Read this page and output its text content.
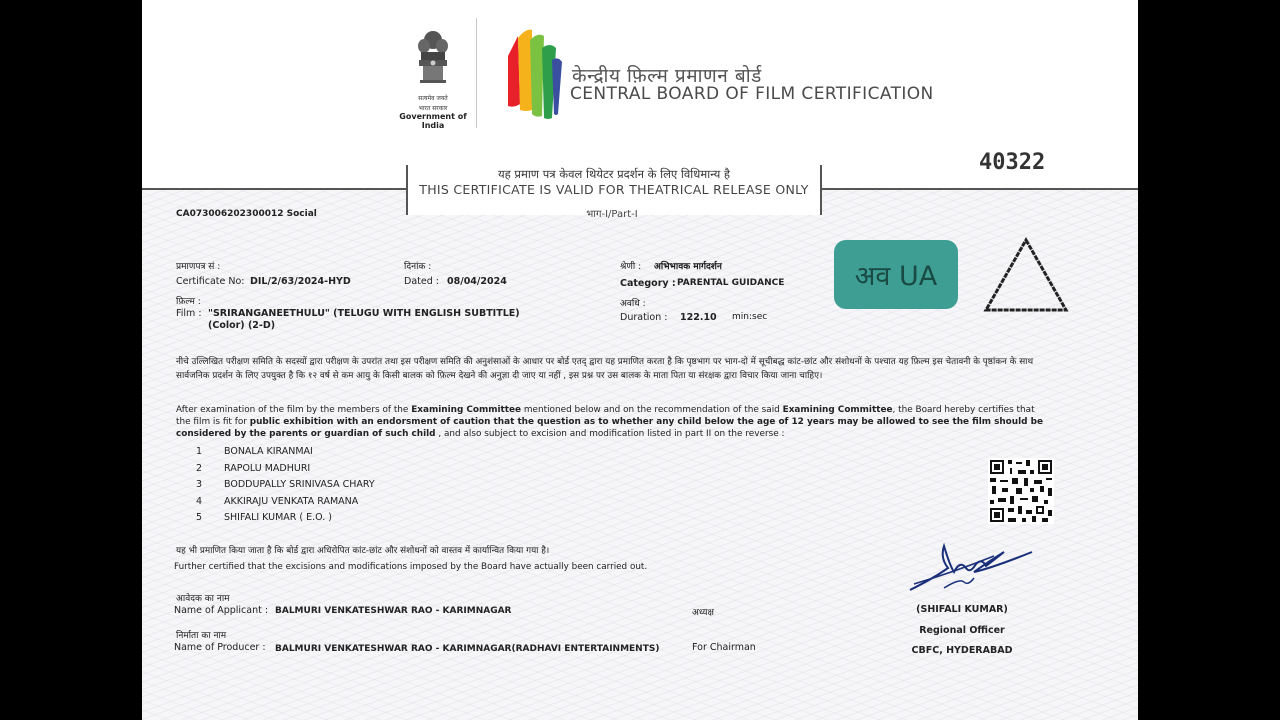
सत्यमेव जयते
भारत सरकार
Government of India
केन्द्रीय फ़िल्म प्रमाणन बोर्ड
CENTRAL BOARD OF FILM CERTIFICATION
40322
यह प्रमाण पत्र केवल थियेटर प्रदर्शन के लिए विधिमान्य है
THIS CERTIFICATE IS VALID FOR THEATRICAL RELEASE ONLY
भाग-I/Part-I
CA073006202300012 Social
प्रमाणपत्र सं :
Certificate No: DIL/2/63/2024-HYD
दिनांक :
Dated : 08/04/2024
फ़िल्म :
Film : "SRIRANGANEETHULU" (TELUGU WITH ENGLISH SUBTITLE)
(Color) (2-D)
श्रेणी : अभिभावक मार्गदर्शन
Category : PARENTAL GUIDANCE
अवधि :
Duration : 122.10 min:sec
अव UA
नीचे उल्लिखित परीक्षण समिति के सदस्यों द्वारा परीक्षण के उपरांत तथा इस परीक्षण समिति की अनुशंसाओं के आधार पर बोर्ड एतद् द्वारा यह प्रमाणित करता है कि पृष्ठभाग पर भाग-दो में सूचीबद्ध कांट-छांट और संशोधनों के पश्चात यह फ़िल्म इस चेतावनी के पृष्ठांकन के साथ सार्वजनिक प्रदर्शन के लिए उपयुक्त है कि १२ वर्ष से कम आयु के किसी बालक को फ़िल्म देखने की अनुज्ञा दी जाए या नहीं , इस प्रश्न पर उस बालक के माता पिता या संरक्षक द्वारा विचार किया जाना चाहिए।
After examination of the film by the members of the Examining Committee mentioned below and on the recommendation of the said Examining Committee, the Board hereby certifies that the film is fit for public exhibition with an endorsment of caution that the question as to whether any child below the age of 12 years may be allowed to see the film should be considered by the parents or guardian of such child , and also subject to excision and modification listed in part II on the reverse :
1 BONALA KIRANMAI
2 RAPOLU MADHURI
3 BODDUPALLY SRINIVASA CHARY
4 AKKIRAJU VENKATA RAMANA
5 SHIFALI KUMAR ( E.O. )
यह भी प्रमाणित किया जाता है कि बोर्ड द्वारा अधिरोपित कांट-छांट और संशोधनों को वास्तव में कार्यान्वित किया गया है।
Further certified that the excisions and modifications imposed by the Board have actually been carried out.
आवेदक का नाम
Name of Applicant : BALMURI VENKATESHWAR RAO - KARIMNAGAR	अध्यक्ष
निर्माता का नाम
Name of Producer : BALMURI VENKATESHWAR RAO - KARIMNAGAR(RADHAVI ENTERTAINMENTS)	For Chairman
(SHIFALI KUMAR)
Regional Officer
CBFC, HYDERABAD
